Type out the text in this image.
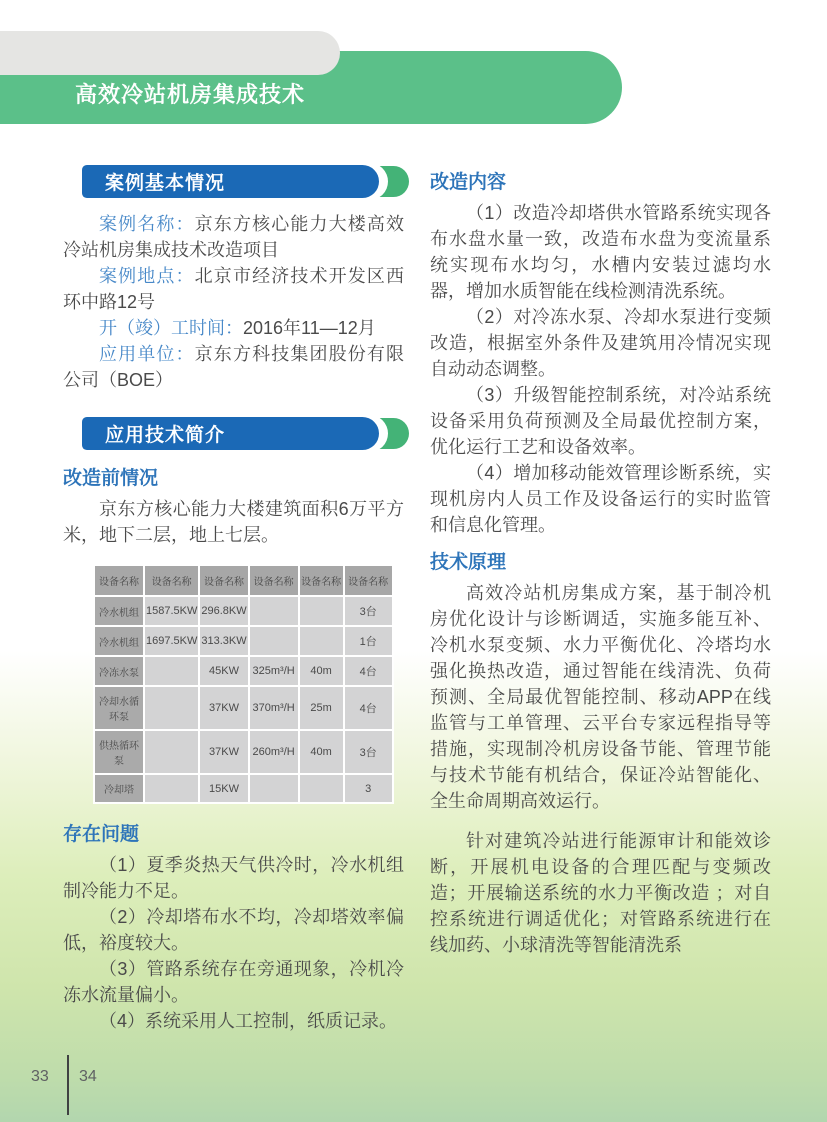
高效冷站机房集成技术
案例基本情况

案例名称：京东方核心能力大楼高效冷站机房集成技术改造项目

案例地点：北京市经济技术开发区西环中路12号

开（竣）工时间：2016年11—12月

应用单位：京东方科技集团股份有限公司（BOE）

应用技术简介

改造前情况

京东方核心能力大楼建筑面积6万平方米，地下二层，地上七层。

设备名称	设备名称	设备名称	设备名称	设备名称	设备名称
冷水机组	1587.5KW	296.8KW			3台
冷水机组	1697.5KW	313.3KW			1台
冷冻水泵		45KW	325m³/H	40m	4台
冷却水循环泵		37KW	370m³/H	25m	4台
供热循环泵		37KW	260m³/H	40m	3台
冷却塔		15KW			3

存在问题

（1）夏季炎热天气供冷时，冷水机组制冷能力不足。

（2）冷却塔布水不均，冷却塔效率偏低，裕度较大。

（3）管路系统存在旁通现象，冷机冷冻水流量偏小。

（4）系统采用人工控制，纸质记录。

改造内容

（1）改造冷却塔供水管路系统实现各布水盘水量一致，改造布水盘为变流量系统实现布水均匀，水槽内安装过滤均水器，增加水质智能在线检测清洗系统。

（2）对冷冻水泵、冷却水泵进行变频改造，根据室外条件及建筑用冷情况实现自动动态调整。

（3）升级智能控制系统，对冷站系统设备采用负荷预测及全局最优控制方案，优化运行工艺和设备效率。

（4）增加移动能效管理诊断系统，实现机房内人员工作及设备运行的实时监管和信息化管理。

技术原理

高效冷站机房集成方案，基于制冷机房优化设计与诊断调适，实施多能互补、冷机水泵变频、水力平衡优化、冷塔均水强化换热改造，通过智能在线清洗、负荷预测、全局最优智能控制、移动APP在线监管与工单管理、云平台专家远程指导等措施，实现制冷机房设备节能、管理节能与技术节能有机结合，保证冷站智能化、全生命周期高效运行。

针对建筑冷站进行能源审计和能效诊断，开展机电设备的合理匹配与变频改造；开展输送系统的水力平衡改造 ；对自控系统进行调适优化；对管路系统进行在线加药、小球清洗等智能清洗系

33 34
